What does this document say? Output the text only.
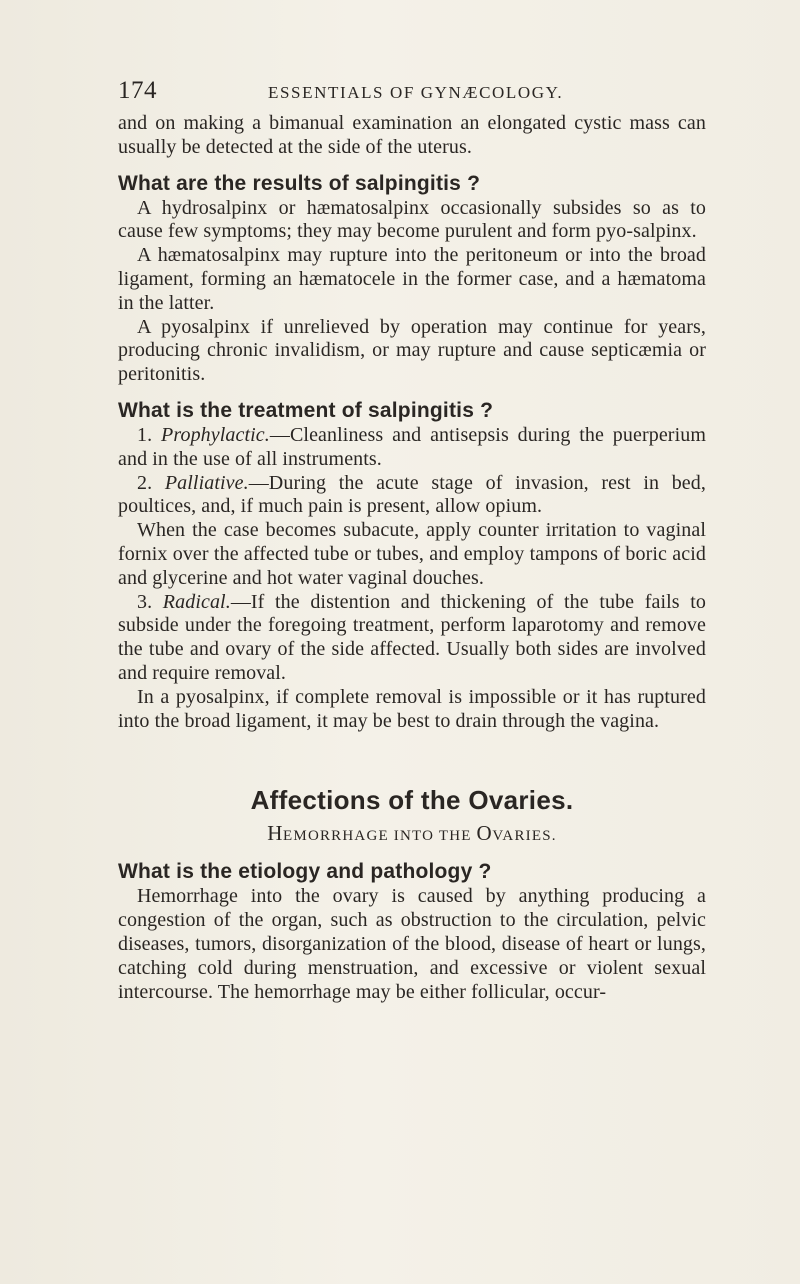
174	ESSENTIALS OF GYNÆCOLOGY.

and on making a bimanual examination an elongated cystic mass can usually be detected at the side of the uterus.

What are the results of salpingitis ?

A hydrosalpinx or hæmatosalpinx occasionally subsides so as to cause few symptoms; they may become purulent and form pyo-salpinx.

A hæmatosalpinx may rupture into the peritoneum or into the broad ligament, forming an hæmatocele in the former case, and a hæmatoma in the latter.

A pyosalpinx if unrelieved by operation may continue for years, producing chronic invalidism, or may rupture and cause septicæmia or peritonitis.

What is the treatment of salpingitis ?

1. Prophylactic.—Cleanliness and antisepsis during the puerperium and in the use of all instruments.

2. Palliative.—During the acute stage of invasion, rest in bed, poultices, and, if much pain is present, allow opium.

When the case becomes subacute, apply counter irritation to vaginal fornix over the affected tube or tubes, and employ tampons of boric acid and glycerine and hot water vaginal douches.

3. Radical.—If the distention and thickening of the tube fails to subside under the foregoing treatment, perform laparotomy and remove the tube and ovary of the side affected. Usually both sides are involved and require removal.

In a pyosalpinx, if complete removal is impossible or it has ruptured into the broad ligament, it may be best to drain through the vagina.

Affections of the Ovaries.

HEMORRHAGE INTO THE OVARIES.

What is the etiology and pathology ?

Hemorrhage into the ovary is caused by anything producing a congestion of the organ, such as obstruction to the circulation, pelvic diseases, tumors, disorganization of the blood, disease of heart or lungs, catching cold during menstruation, and excessive or violent sexual intercourse. The hemorrhage may be either follicular, occur-
